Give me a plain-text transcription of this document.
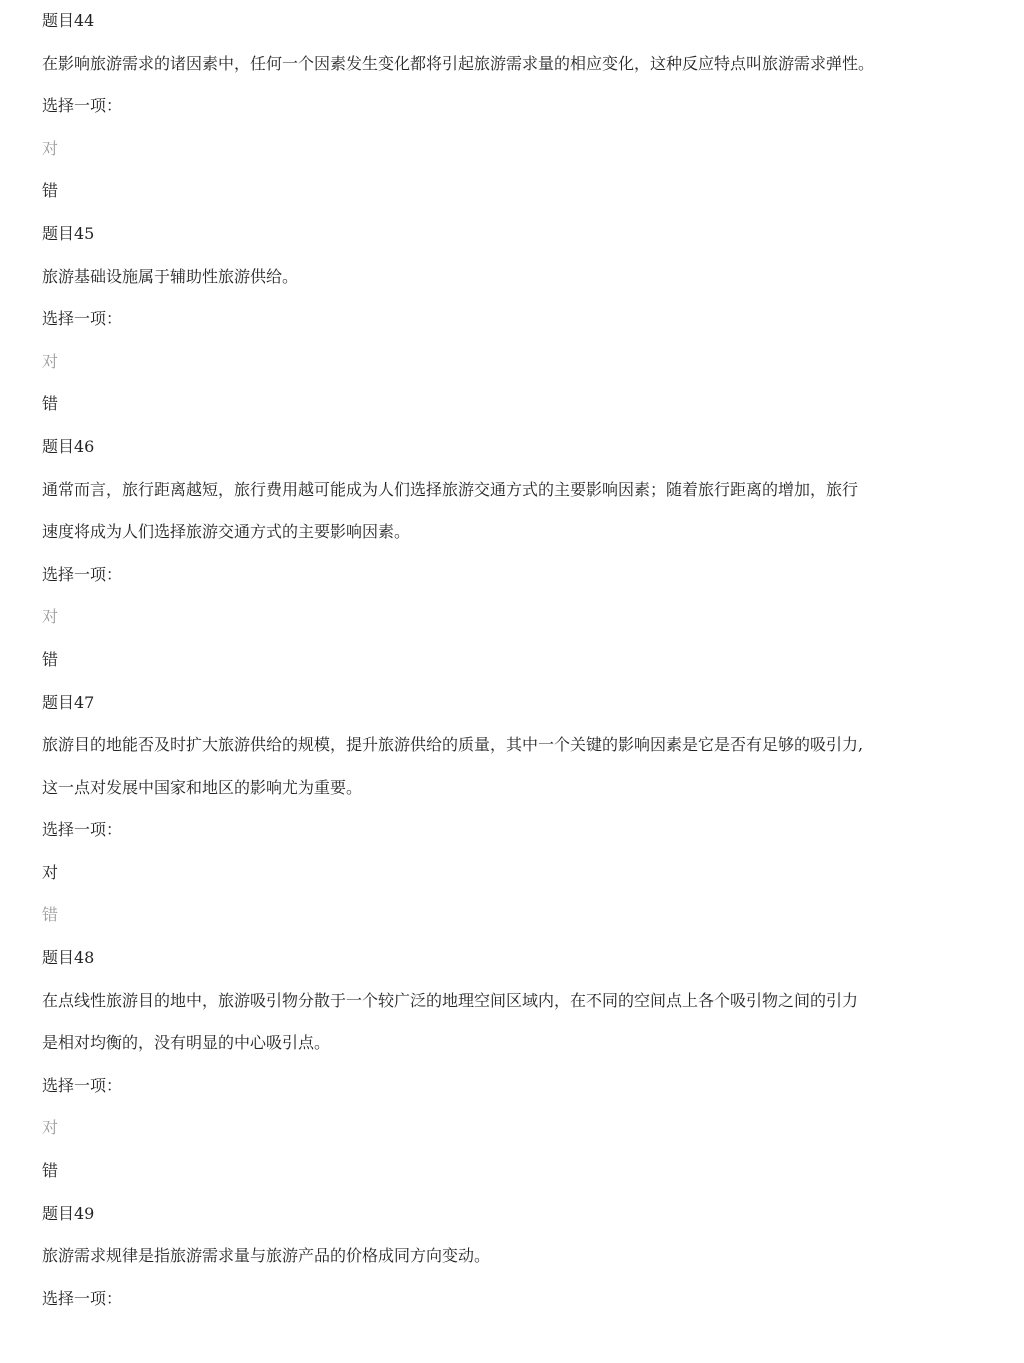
题目44

在影响旅游需求的诸因素中，任何一个因素发生变化都将引起旅游需求量的相应变化，这种反应特点叫旅游需求弹性。

选择一项：

对

错

题目45

旅游基础设施属于辅助性旅游供给。

选择一项：

对

错

题目46

通常而言，旅行距离越短，旅行费用越可能成为人们选择旅游交通方式的主要影响因素；随着旅行距离的增加，旅行

速度将成为人们选择旅游交通方式的主要影响因素。

选择一项：

对

错

题目47

旅游目的地能否及时扩大旅游供给的规模，提升旅游供给的质量，其中一个关键的影响因素是它是否有足够的吸引力,

这一点对发展中国家和地区的影响尤为重要。

选择一项：

对

错

题目48

在点线性旅游目的地中，旅游吸引物分散于一个较广泛的地理空间区域内，在不同的空间点上各个吸引物之间的引力

是相对均衡的，没有明显的中心吸引点。

选择一项：

对

错

题目49

旅游需求规律是指旅游需求量与旅游产品的价格成同方向变动。

选择一项：
